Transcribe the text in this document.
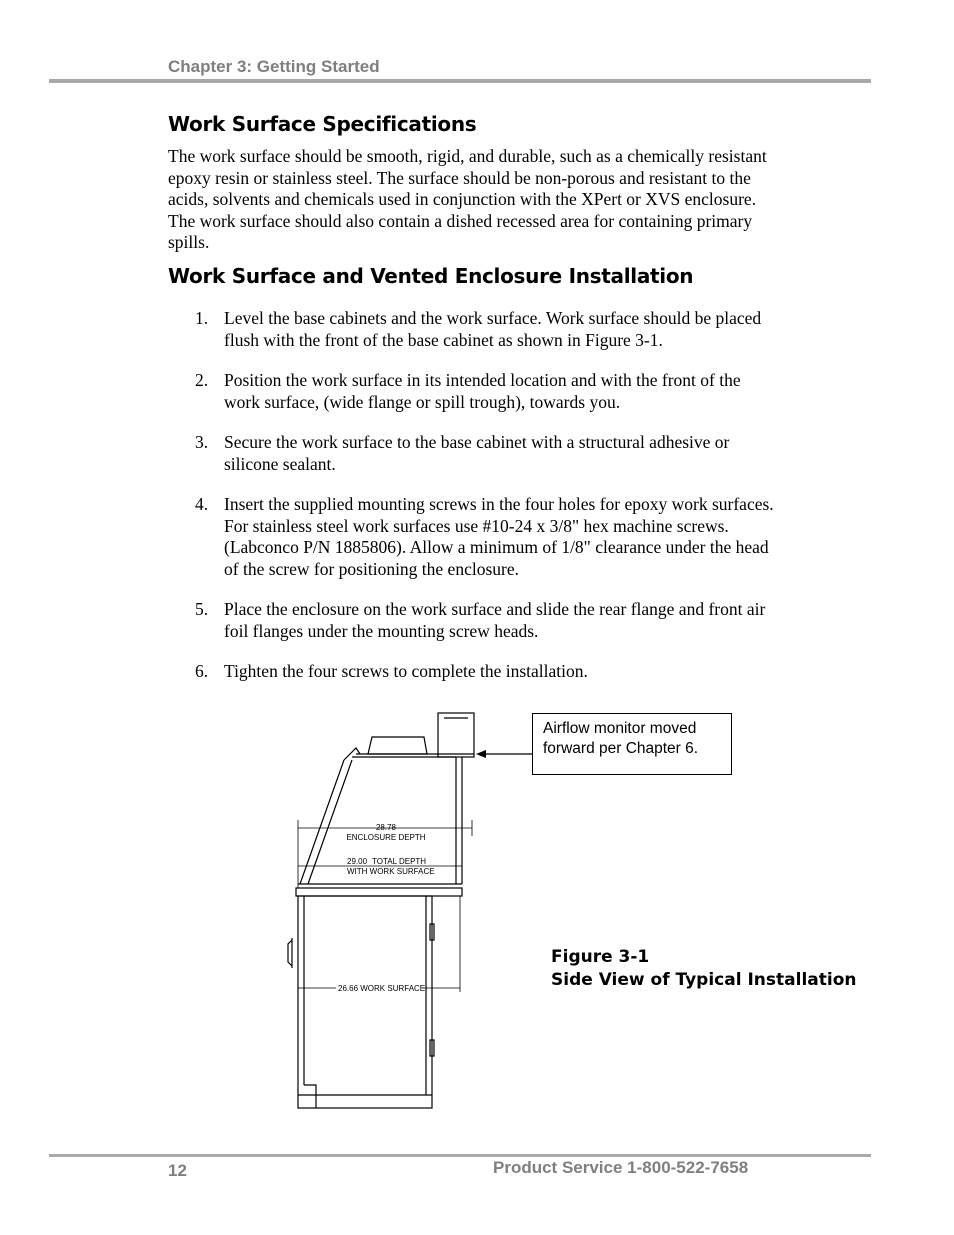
Chapter 3: Getting Started
Work Surface Specifications

The work surface should be smooth, rigid, and durable, such as a chemically resistant epoxy resin or stainless steel. The surface should be non-porous and resistant to the acids, solvents and chemicals used in conjunction with the XPert or XVS enclosure. The work surface should also contain a dished recessed area for containing primary spills.

Work Surface and Vented Enclosure Installation
1. Level the base cabinets and the work surface. Work surface should be placed flush with the front of the base cabinet as shown in Figure 3-1.
2. Position the work surface in its intended location and with the front of the work surface, (wide flange or spill trough), towards you.
3. Secure the work surface to the base cabinet with a structural adhesive or silicone sealant.
4. Insert the supplied mounting screws in the four holes for epoxy work surfaces. For stainless steel work surfaces use #10-24 x 3/8" hex machine screws. (Labconco P/N 1885806). Allow a minimum of 1/8" clearance under the head of the screw for positioning the enclosure.
5. Place the enclosure on the work surface and slide the rear flange and front air foil flanges under the mounting screw heads.
6. Tighten the four screws to complete the installation.
28.78
ENCLOSURE DEPTH
29.00 TOTAL DEPTH
WITH WORK SURFACE
26.66 WORK SURFACE
Airflow monitor moved forward per Chapter 6.
Figure 3-1
Side View of Typical Installation
12	Product Service 1-800-522-7658
